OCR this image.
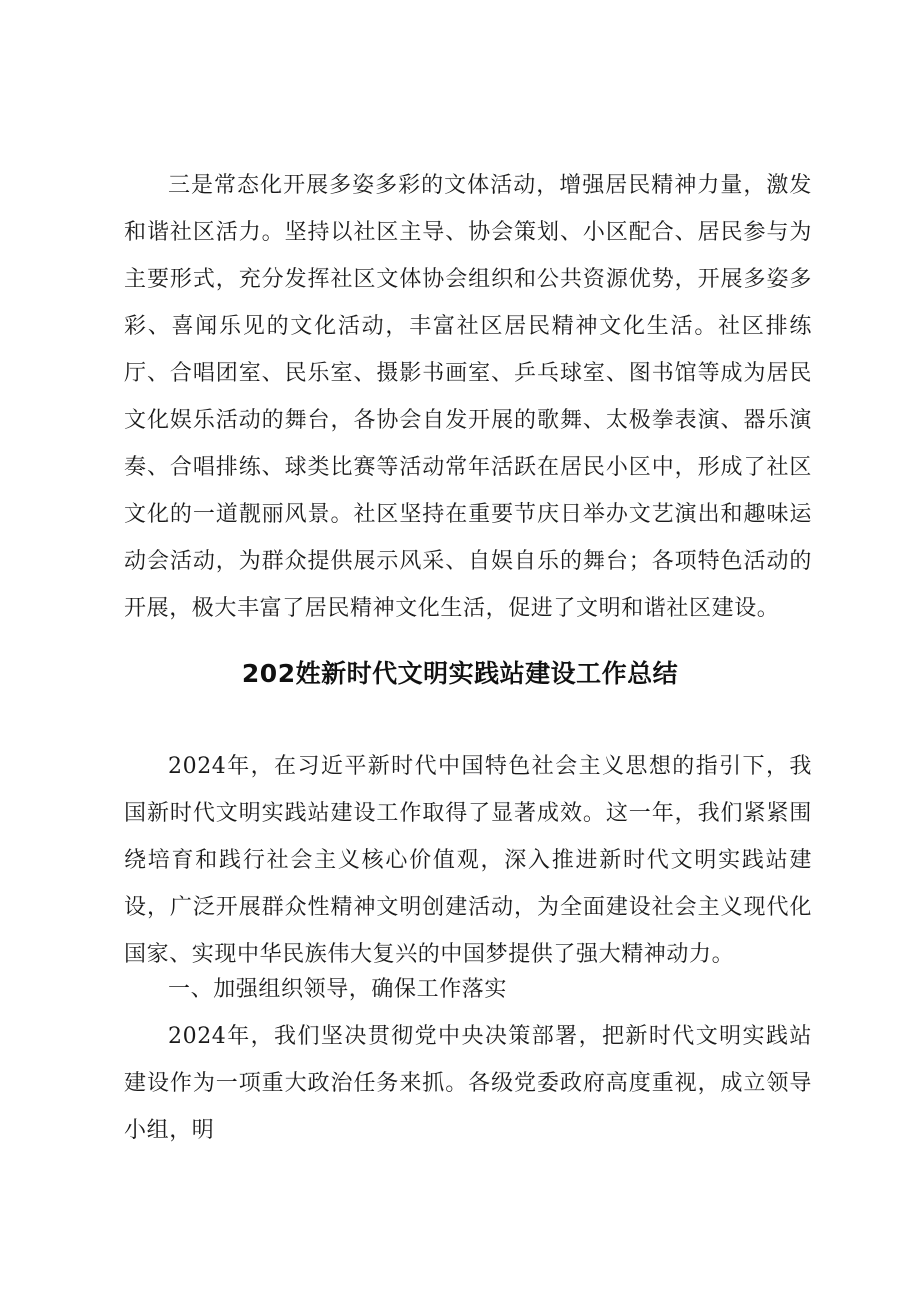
三是常态化开展多姿多彩的文体活动，增强居民精神力量，激发和谐社区活力。坚持以社区主导、协会策划、小区配合、居民参与为主要形式，充分发挥社区文体协会组织和公共资源优势，开展多姿多彩、喜闻乐见的文化活动，丰富社区居民精神文化生活。社区排练厅、合唱团室、民乐室、摄影书画室、乒乓球室、图书馆等成为居民文化娱乐活动的舞台，各协会自发开展的歌舞、太极拳表演、器乐演奏、合唱排练、球类比赛等活动常年活跃在居民小区中，形成了社区文化的一道靓丽风景。社区坚持在重要节庆日举办文艺演出和趣味运动会活动，为群众提供展示风采、自娱自乐的舞台；各项特色活动的开展，极大丰富了居民精神文化生活，促进了文明和谐社区建设。

202姓新时代文明实践站建设工作总结

2024年，在习近平新时代中国特色社会主义思想的指引下，我国新时代文明实践站建设工作取得了显著成效。这一年，我们紧紧围绕培育和践行社会主义核心价值观，深入推进新时代文明实践站建设，广泛开展群众性精神文明创建活动，为全面建设社会主义现代化国家、实现中华民族伟大复兴的中国梦提供了强大精神动力。

一、加强组织领导，确保工作落实

2024年，我们坚决贯彻党中央决策部署，把新时代文明实践站建设作为一项重大政治任务来抓。各级党委政府高度重视，成立领导小组，明
